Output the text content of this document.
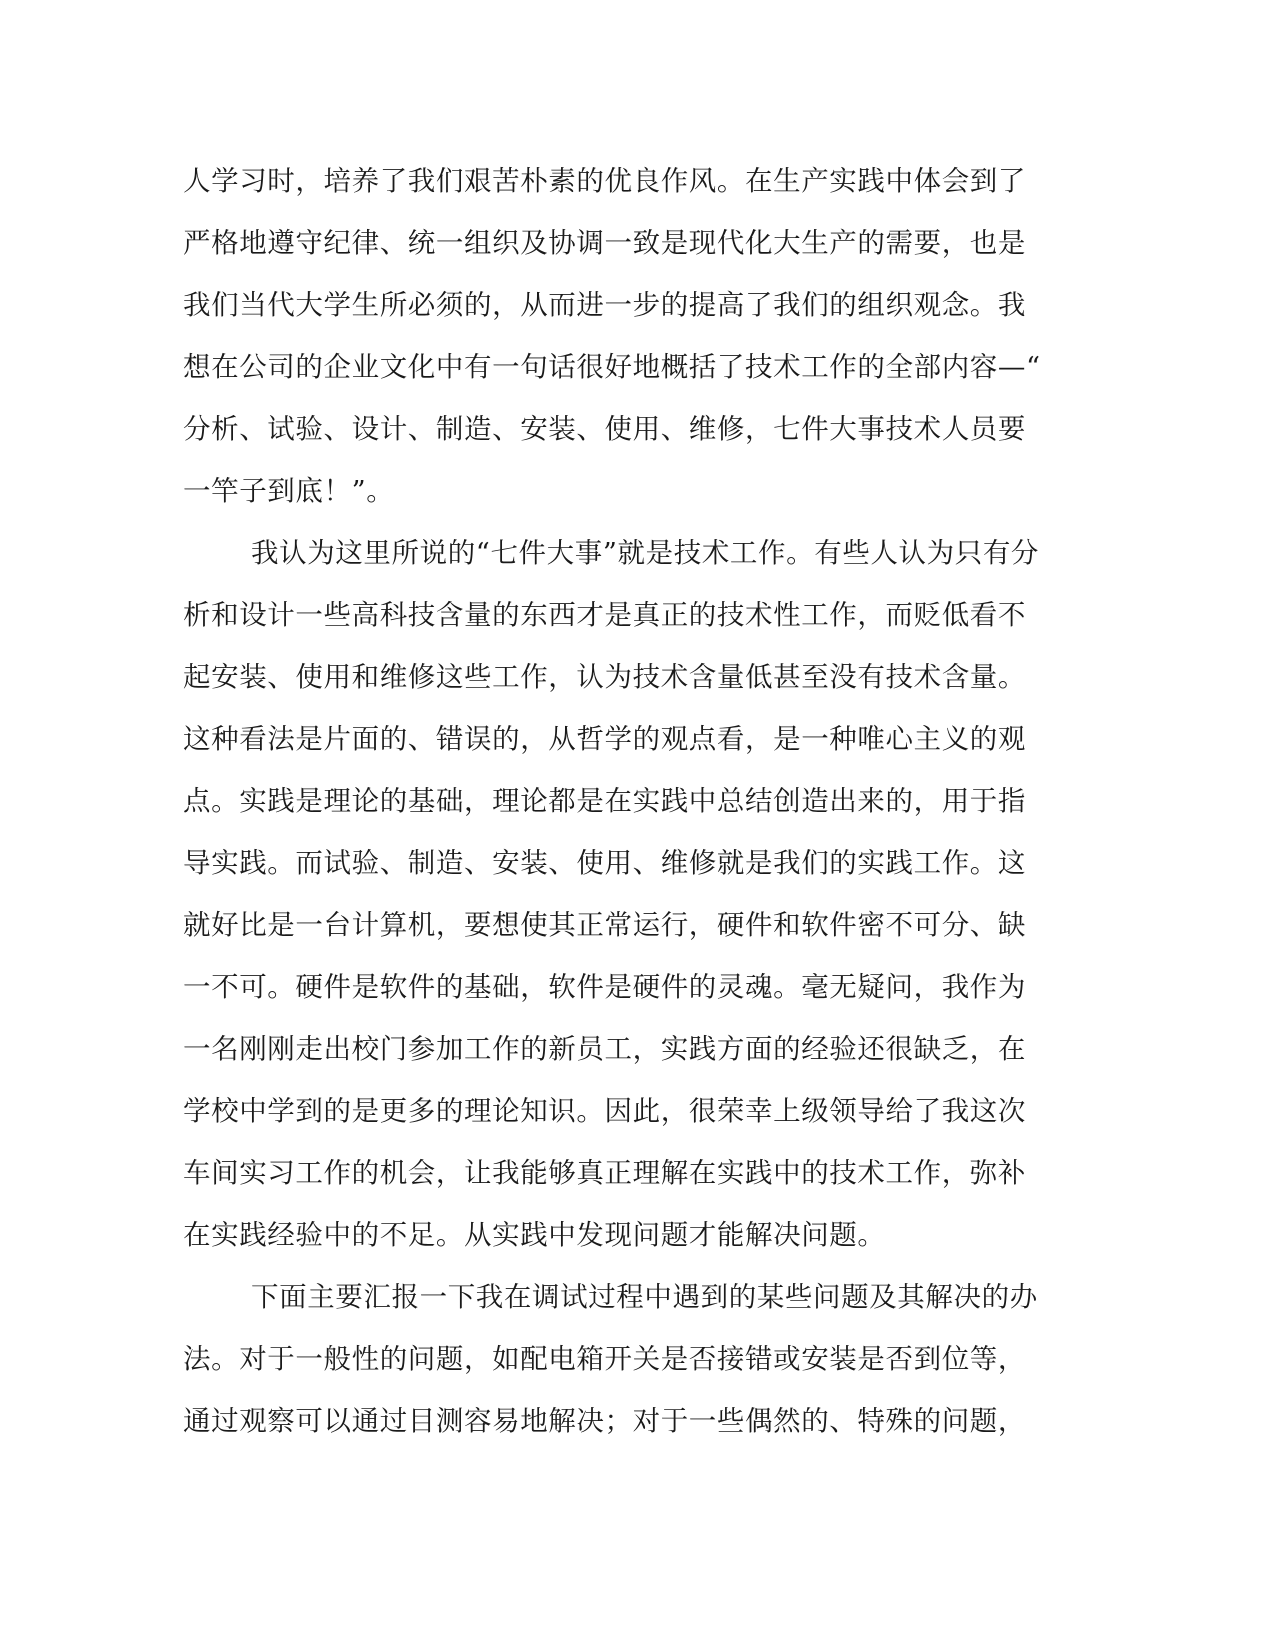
人学习时，培养了我们艰苦朴素的优良作风。在生产实践中体会到了
严格地遵守纪律、统一组织及协调一致是现代化大生产的需要，也是
我们当代大学生所必须的，从而进一步的提高了我们的组织观念。我
想在公司的企业文化中有一句话很好地概括了技术工作的全部内容—“
分析、试验、设计、制造、安装、使用、维修，七件大事技术人员要
一竿子到底！”。
我认为这里所说的“七件大事”就是技术工作。有些人认为只有分
析和设计一些高科技含量的东西才是真正的技术性工作，而贬低看不
起安装、使用和维修这些工作，认为技术含量低甚至没有技术含量。
这种看法是片面的、错误的，从哲学的观点看，是一种唯心主义的观
点。实践是理论的基础，理论都是在实践中总结创造出来的，用于指
导实践。而试验、制造、安装、使用、维修就是我们的实践工作。这
就好比是一台计算机，要想使其正常运行，硬件和软件密不可分、缺
一不可。硬件是软件的基础，软件是硬件的灵魂。毫无疑问，我作为
一名刚刚走出校门参加工作的新员工，实践方面的经验还很缺乏，在
学校中学到的是更多的理论知识。因此，很荣幸上级领导给了我这次
车间实习工作的机会，让我能够真正理解在实践中的技术工作，弥补
在实践经验中的不足。从实践中发现问题才能解决问题。
下面主要汇报一下我在调试过程中遇到的某些问题及其解决的办
法。对于一般性的问题，如配电箱开关是否接错或安装是否到位等，
通过观察可以通过目测容易地解决；对于一些偶然的、特殊的问题，
